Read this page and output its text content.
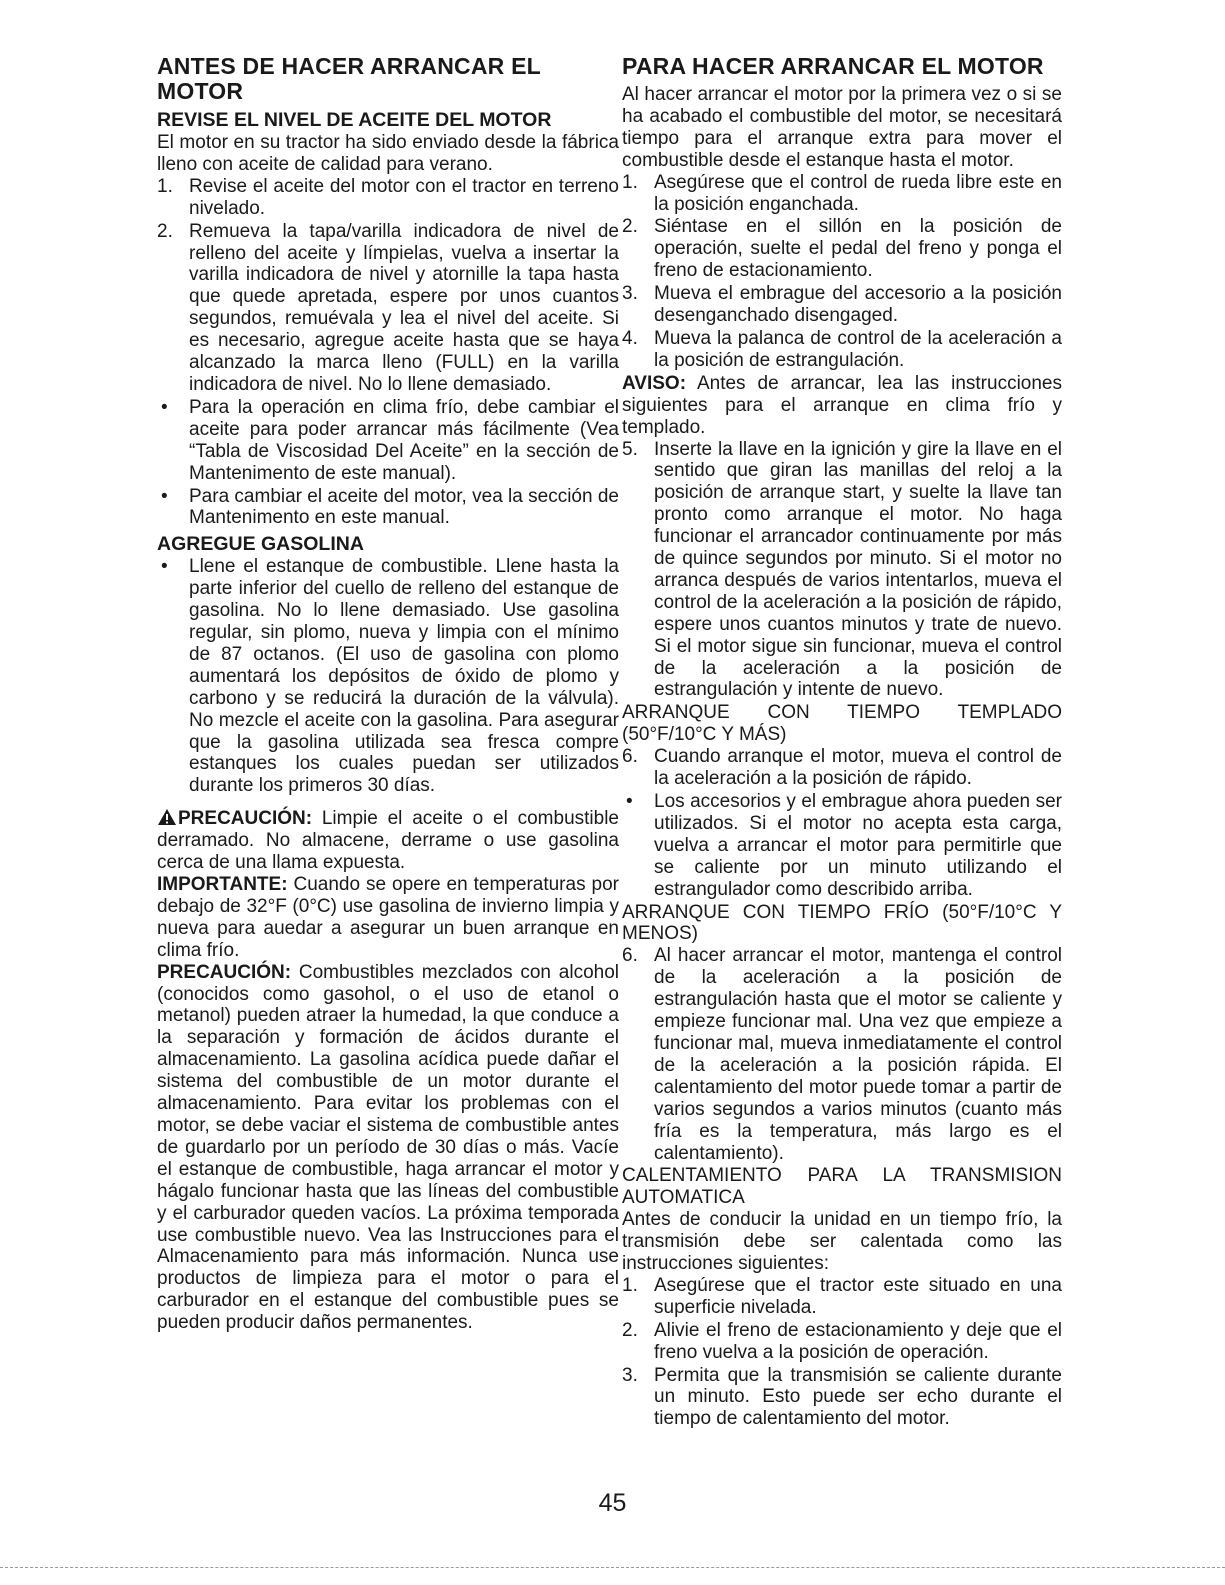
ANTES DE HACER ARRANCAR EL MOTOR
REVISE EL NIVEL DE ACEITE DEL MOTOR

El motor en su tractor ha sido enviado desde la fábrica lleno con aceite de calidad para verano.

1. Revise el aceite del motor con el tractor en terreno nivelado.
2. Remueva la tapa/varilla indicadora de nivel de relleno del aceite y límpielas, vuelva a insertar la varilla indicadora de nivel y atornille la tapa hasta que quede apretada, espere por unos cuantos segundos, remuévala y lea el nivel del aceite. Si es necesario, agregue aceite hasta que se haya alcanzado la marca lleno (FULL) en la varilla indicadora de nivel. No lo llene demasiado.
• Para la operación en clima frío, debe cambiar el aceite para poder arrancar más fácilmente (Vea “Tabla de Viscosidad Del Aceite” en la sección de Mantenimento de este manual).
• Para cambiar el aceite del motor, vea la sección de Mantenimento en este manual.
AGREGUE GASOLINA
• Llene el estanque de combustible. Llene hasta la parte inferior del cuello de relleno del estanque de gasolina. No lo llene demasiado. Use gasolina regular, sin plomo, nueva y limpia con el mínimo de 87 octanos. (El uso de gasolina con plomo aumentará los depósitos de óxido de plomo y carbono y se reducirá la duración de la válvula). No mezcle el aceite con la gasolina. Para asegurar que la gasolina utilizada sea fresca compre estanques los cuales puedan ser utilizados durante los primeros 30 días.

PRECAUCIÓN: Limpie el aceite o el combustible derramado. No almacene, derrame o use gasolina cerca de una llama expuesta.

IMPORTANTE: Cuando se opere en temperaturas por debajo de 32°F (0°C) use gasolina de invierno limpia y nueva para auedar a asegurar un buen arranque en clima frío.

PRECAUCIÓN: Combustibles mezclados con alcohol (conocidos como gasohol, o el uso de etanol o metanol) pueden atraer la humedad, la que conduce a la separación y formación de ácidos durante el almacenamiento. La gasolina acídica puede dañar el sistema del combustible de un motor durante el almacenamiento. Para evitar los problemas con el motor, se debe vaciar el sistema de combustible antes de guardarlo por un período de 30 días o más. Vacíe el estanque de combustible, haga arrancar el motor y hágalo funcionar hasta que las líneas del combustible y el carburador queden vacíos. La próxima temporada use combustible nuevo. Vea las Instrucciones para el Almacenamiento para más información. Nunca use productos de limpieza para el motor o para el carburador en el estanque del combustible pues se pueden producir daños permanentes.

PARA HACER ARRANCAR EL MOTOR

Al hacer arrancar el motor por la primera vez o si se ha acabado el combustible del motor, se necesitará tiempo para el arranque extra para mover el combustible desde el estanque hasta el motor.

1. Asegúrese que el control de rueda libre este en la posición enganchada.
2. Siéntase en el sillón en la posición de operación, suelte el pedal del freno y ponga el freno de estacionamiento.
3. Mueva el embrague del accesorio a la posición desenganchado disengaged.
4. Mueva la palanca de control de la aceleración a la posición de estrangulación.

AVISO: Antes de arrancar, lea las instrucciones siguientes para el arranque en clima frío y templado.

5. Inserte la llave en la ignición y gire la llave en el sentido que giran las manillas del reloj a la posición de arranque start, y suelte la llave tan pronto como arranque el motor. No haga funcionar el arrancador continuamente por más de quince segundos por minuto. Si el motor no arranca después de varios intentarlos, mueva el control de la aceleración a la posición de rápido, espere unos cuantos minutos y trate de nuevo. Si el motor sigue sin funcionar, mueva el control de la aceleración a la posición de estrangulación y intente de nuevo.

ARRANQUE CON TIEMPO TEMPLADO (50°F/10°C Y MÁS)

6. Cuando arranque el motor, mueva el control de la aceleración a la posición de rápido.
• Los accesorios y el embrague ahora pueden ser utilizados. Si el motor no acepta esta carga, vuelva a arrancar el motor para permitirle que se caliente por un minuto utilizando el estrangulador como describido arriba.

ARRANQUE CON TIEMPO FRÍO (50°F/10°C Y MENOS)

6. Al hacer arrancar el motor, mantenga el control de la aceleración a la posición de estrangulación hasta que el motor se caliente y empieze funcionar mal. Una vez que empieze a funcionar mal, mueva inmediatamente el control de la aceleración a la posición rápida. El calentamiento del motor puede tomar a partir de varios segundos a varios minutos (cuanto más fría es la temperatura, más largo es el calentamiento).

CALENTAMIENTO PARA LA TRANSMISION AUTOMATICA

Antes de conducir la unidad en un tiempo frío, la transmisión debe ser calentada como las instrucciones siguientes:

1. Asegúrese que el tractor este situado en una superficie nivelada.
2. Alivie el freno de estacionamiento y deje que el freno vuelva a la posición de operación.
3. Permita que la transmisión se caliente durante un minuto. Esto puede ser echo durante el tiempo de calentamiento del motor.
45
